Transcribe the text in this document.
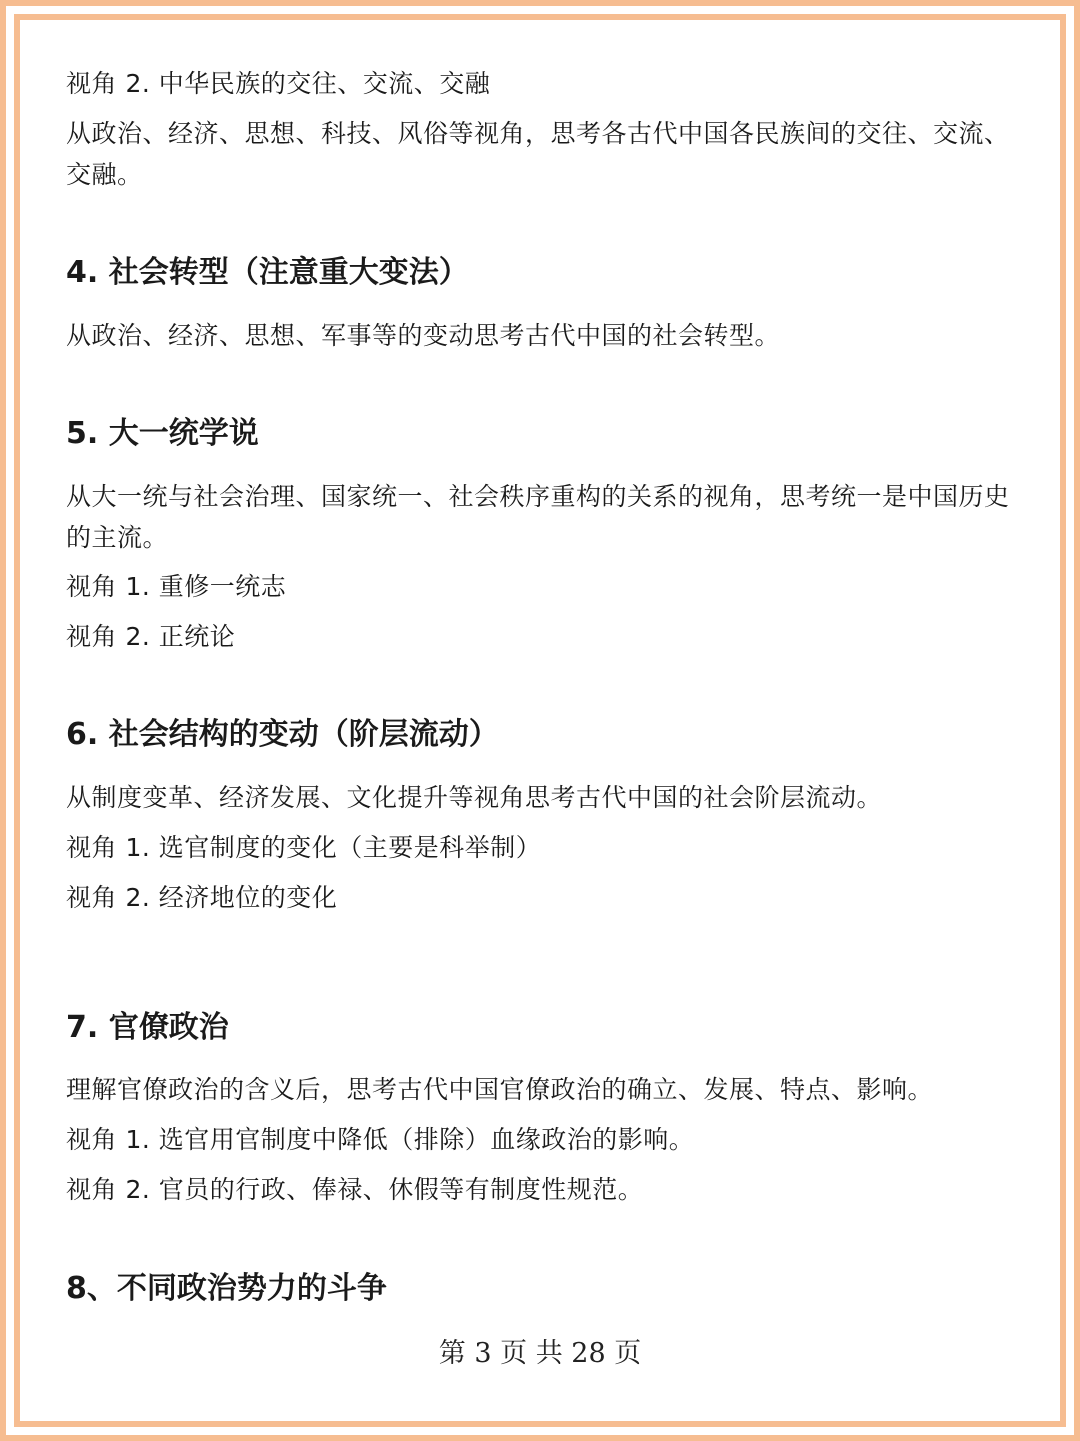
视角 2. 中华民族的交往、交流、交融
从政治、经济、思想、科技、风俗等视角，思考各古代中国各民族间的交往、交流、交融。
4. 社会转型（注意重大变法）
从政治、经济、思想、军事等的变动思考古代中国的社会转型。
5. 大一统学说
从大一统与社会治理、国家统一、社会秩序重构的关系的视角，思考统一是中国历史的主流。
视角 1. 重修一统志
视角 2. 正统论
6. 社会结构的变动（阶层流动）
从制度变革、经济发展、文化提升等视角思考古代中国的社会阶层流动。
视角 1. 选官制度的变化（主要是科举制）
视角 2. 经济地位的变化
7. 官僚政治
理解官僚政治的含义后，思考古代中国官僚政治的确立、发展、特点、影响。
视角 1. 选官用官制度中降低（排除）血缘政治的影响。
视角 2. 官员的行政、俸禄、休假等有制度性规范。
8、不同政治势力的斗争
第 3 页 共 28 页
